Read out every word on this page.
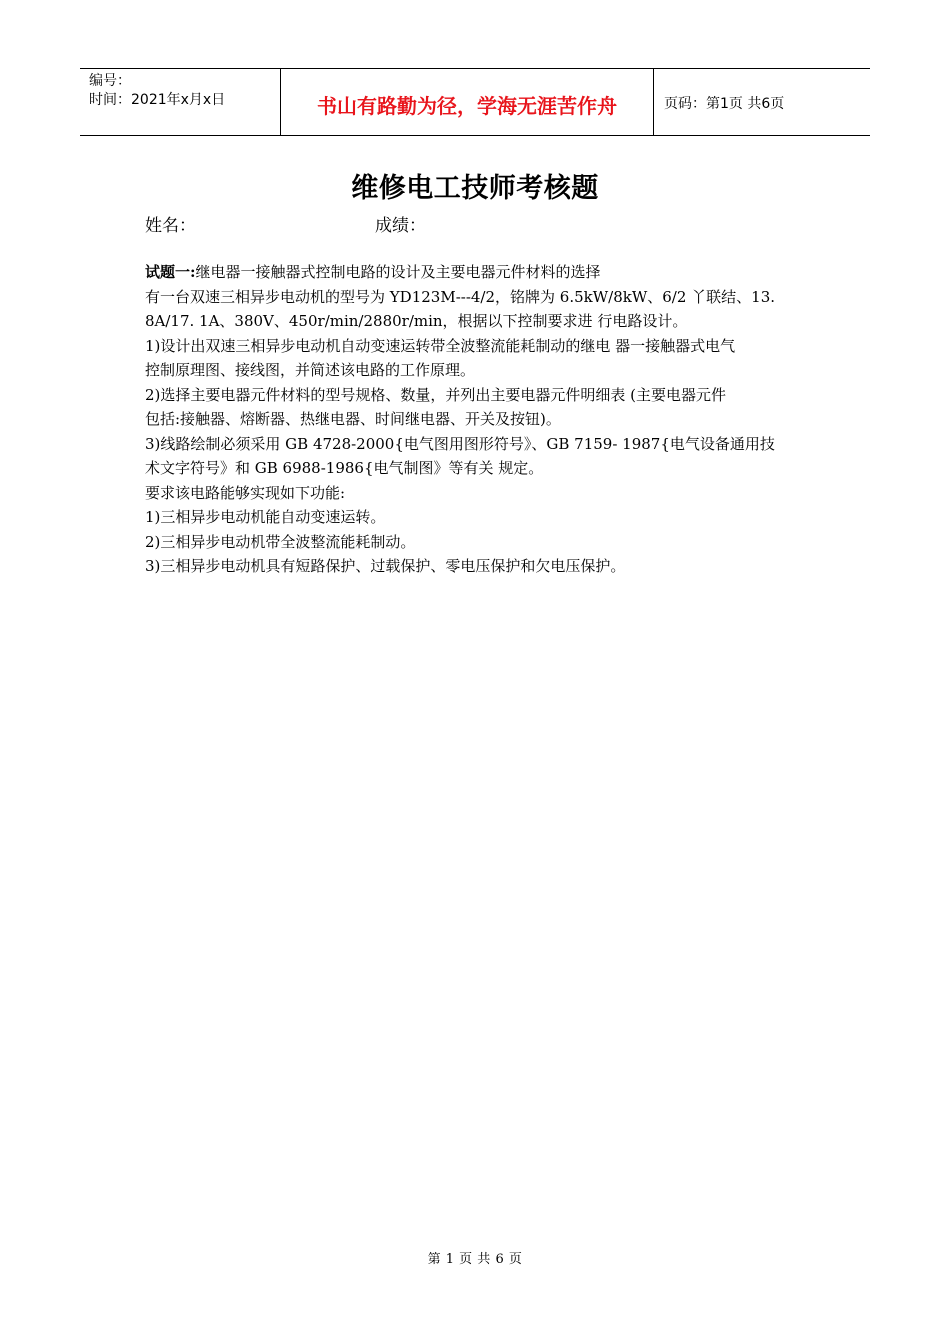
编号：
时间：2021年x月x日	书山有路勤为径，学海无涯苦作舟	页码：第1页 共6页
维修电工技师考核题
姓名：	成绩：

试题一:继电器一接触器式控制电路的设计及主要电器元件材料的选择

有一台双速三相异步电动机的型号为 YD123M---4/2，铭牌为 6.5kW/8kW、6/2 丫联结、13.

8A/17. 1A、380V、450r/min/2880r/min，根据以下控制要求进 行电路设计。

1)设计出双速三相异步电动机自动变速运转带全波整流能耗制动的继电 器一接触器式电气

控制原理图、接线图，并简述该电路的工作原理。

2)选择主要电器元件材料的型号规格、数量，并列出主要电器元件明细表 (主要电器元件

包括:接触器、熔断器、热继电器、时间继电器、开关及按钮)。

3)线路绘制必须采用 GB 4728-2000{电气图用图形符号》、GB 7159- 1987{电气设备通用技

术文字符号》和 GB 6988-1986{电气制图》等有关 规定。

要求该电路能够实现如下功能:

1)三相异步电动机能自动变速运转。

2)三相异步电动机带全波整流能耗制动。

3)三相异步电动机具有短路保护、过载保护、零电压保护和欠电压保护。

第 1 页 共 6 页
